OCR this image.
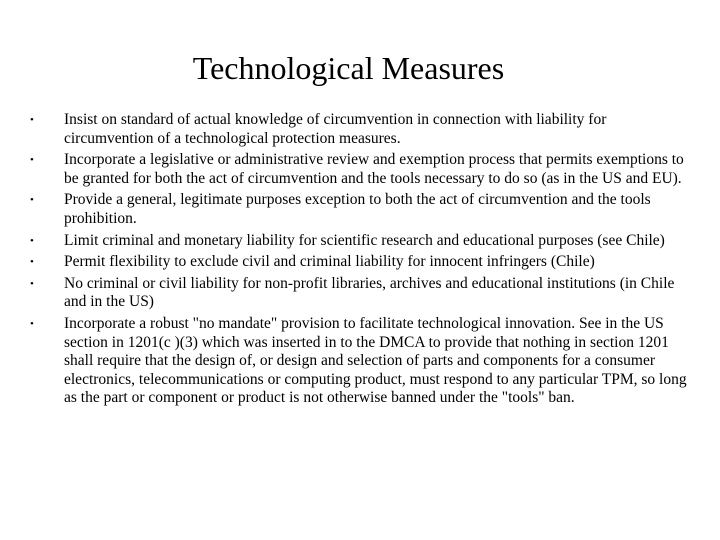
Technological Measures
•	Insist on standard of actual knowledge of circumvention in connection with liability for circumvention of a technological protection measures.
•	Incorporate a legislative or administrative review and exemption process that permits exemptions to be granted for both the act of circumvention and the tools necessary to do so (as in the US and EU).
•	Provide a general, legitimate purposes exception to both the act of circumvention and the tools prohibition.
•	Limit criminal and monetary liability for scientific research and educational purposes (see Chile)
•	Permit flexibility to exclude civil and criminal liability for innocent infringers (Chile)
•	No criminal or civil liability for non-profit libraries, archives and educational institutions (in Chile and in the US)
•	Incorporate a robust "no mandate" provision to facilitate technological innovation. See in the US section in 1201(c )(3) which was inserted in to the DMCA to provide that nothing in section 1201 shall require that the design of, or design and selection of parts and components for a consumer electronics, telecommunications or computing product, must respond to any particular TPM, so long as the part or component or product is not otherwise banned under the "tools" ban.
